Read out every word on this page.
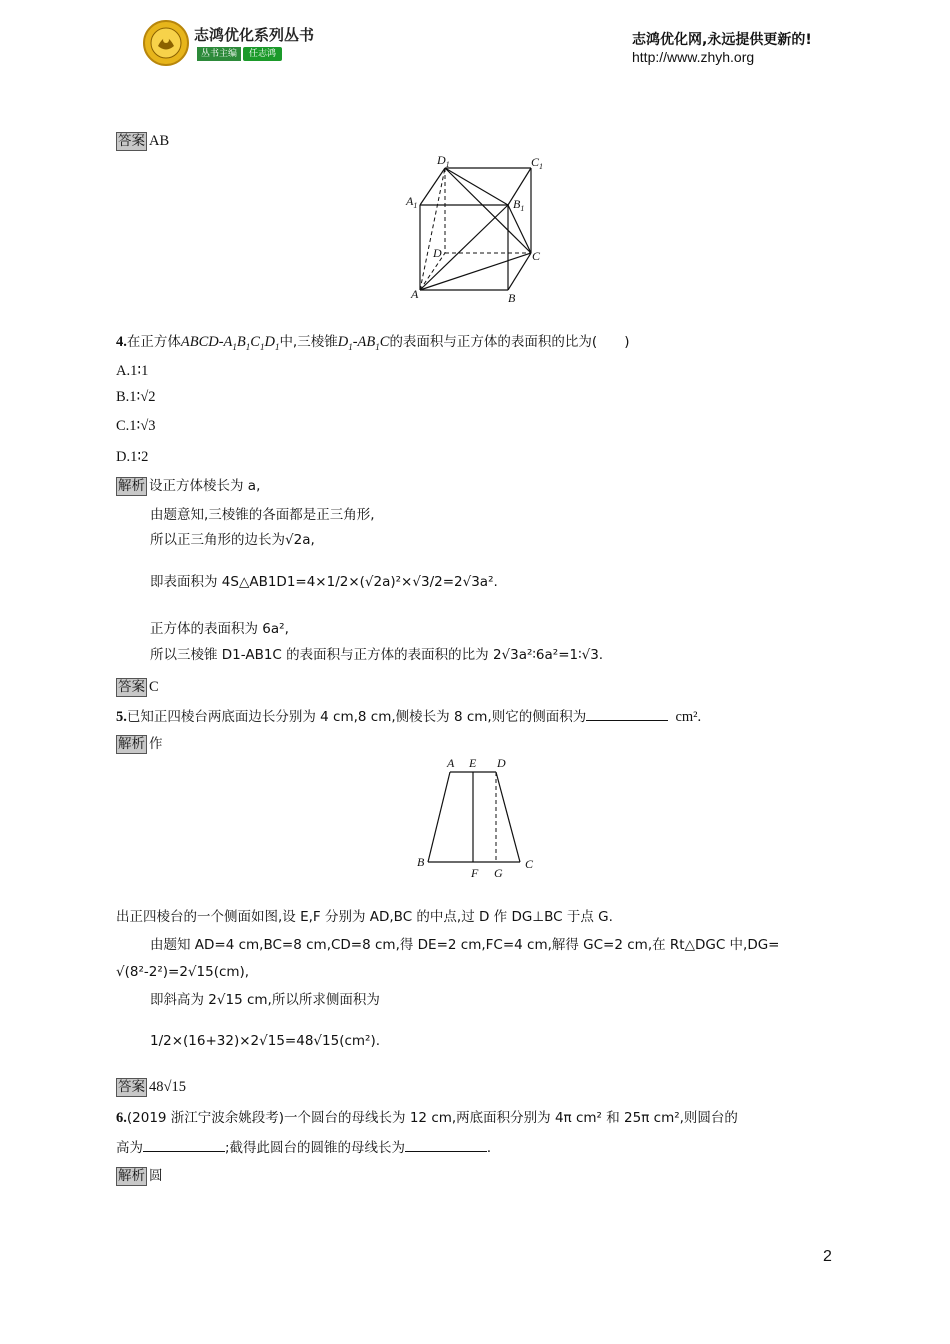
志鸿优化系列丛书
丛书主编 任志鸿
志鸿优化网,永远提供更新的!
http://www.zhyh.org
答案 AB
$D_1$	$C_1$
$A_1$	$B_1$
D	C
A	B
4.在正方体ABCD-$A_1B_1C_1D_1$中,三棱锥$D_1-AB_1C$的表面积与正方体的表面积的比为(　　)
A.1∶1
B.1∶√2
C.1∶√3
D.1∶2
解析 设正方体棱长为 a,
由题意知,三棱锥的各面都是正三角形,
所以正三角形的边长为√2a,
即表面积为 4S△AB1D1=4×1/2×(√2a)²×√3/2=2√3a².
正方体的表面积为 6a²,
所以三棱锥 D1-AB1C 的表面积与正方体的表面积的比为 2√3a²∶6a²=1∶√3.
答案 C
5.已知正四棱台两底面边长分别为 4 cm,8 cm,侧棱长为 8 cm,则它的侧面积为	cm².
解析 作
A E D
B
F G
C
出正四棱台的一个侧面如图,设 E,F 分别为 AD,BC 的中点,过 D 作 DG⊥BC 于点 G.
由题知 AD=4 cm,BC=8 cm,CD=8 cm,得 DE=2 cm,FC=4 cm,解得 GC=2 cm,在 Rt△DGC 中,DG=
√(8²-2²)=2√15(cm),
即斜高为 2√15 cm,所以所求侧面积为
1/2×(16+32)×2√15=48√15(cm²).
答案 48√15
6.(2019 浙江宁波余姚段考)一个圆台的母线长为 12 cm,两底面积分别为 4π cm² 和 25π cm²,则圆台的
高为	;截得此圆台的圆锥的母线长为	.
解析 圆
2
